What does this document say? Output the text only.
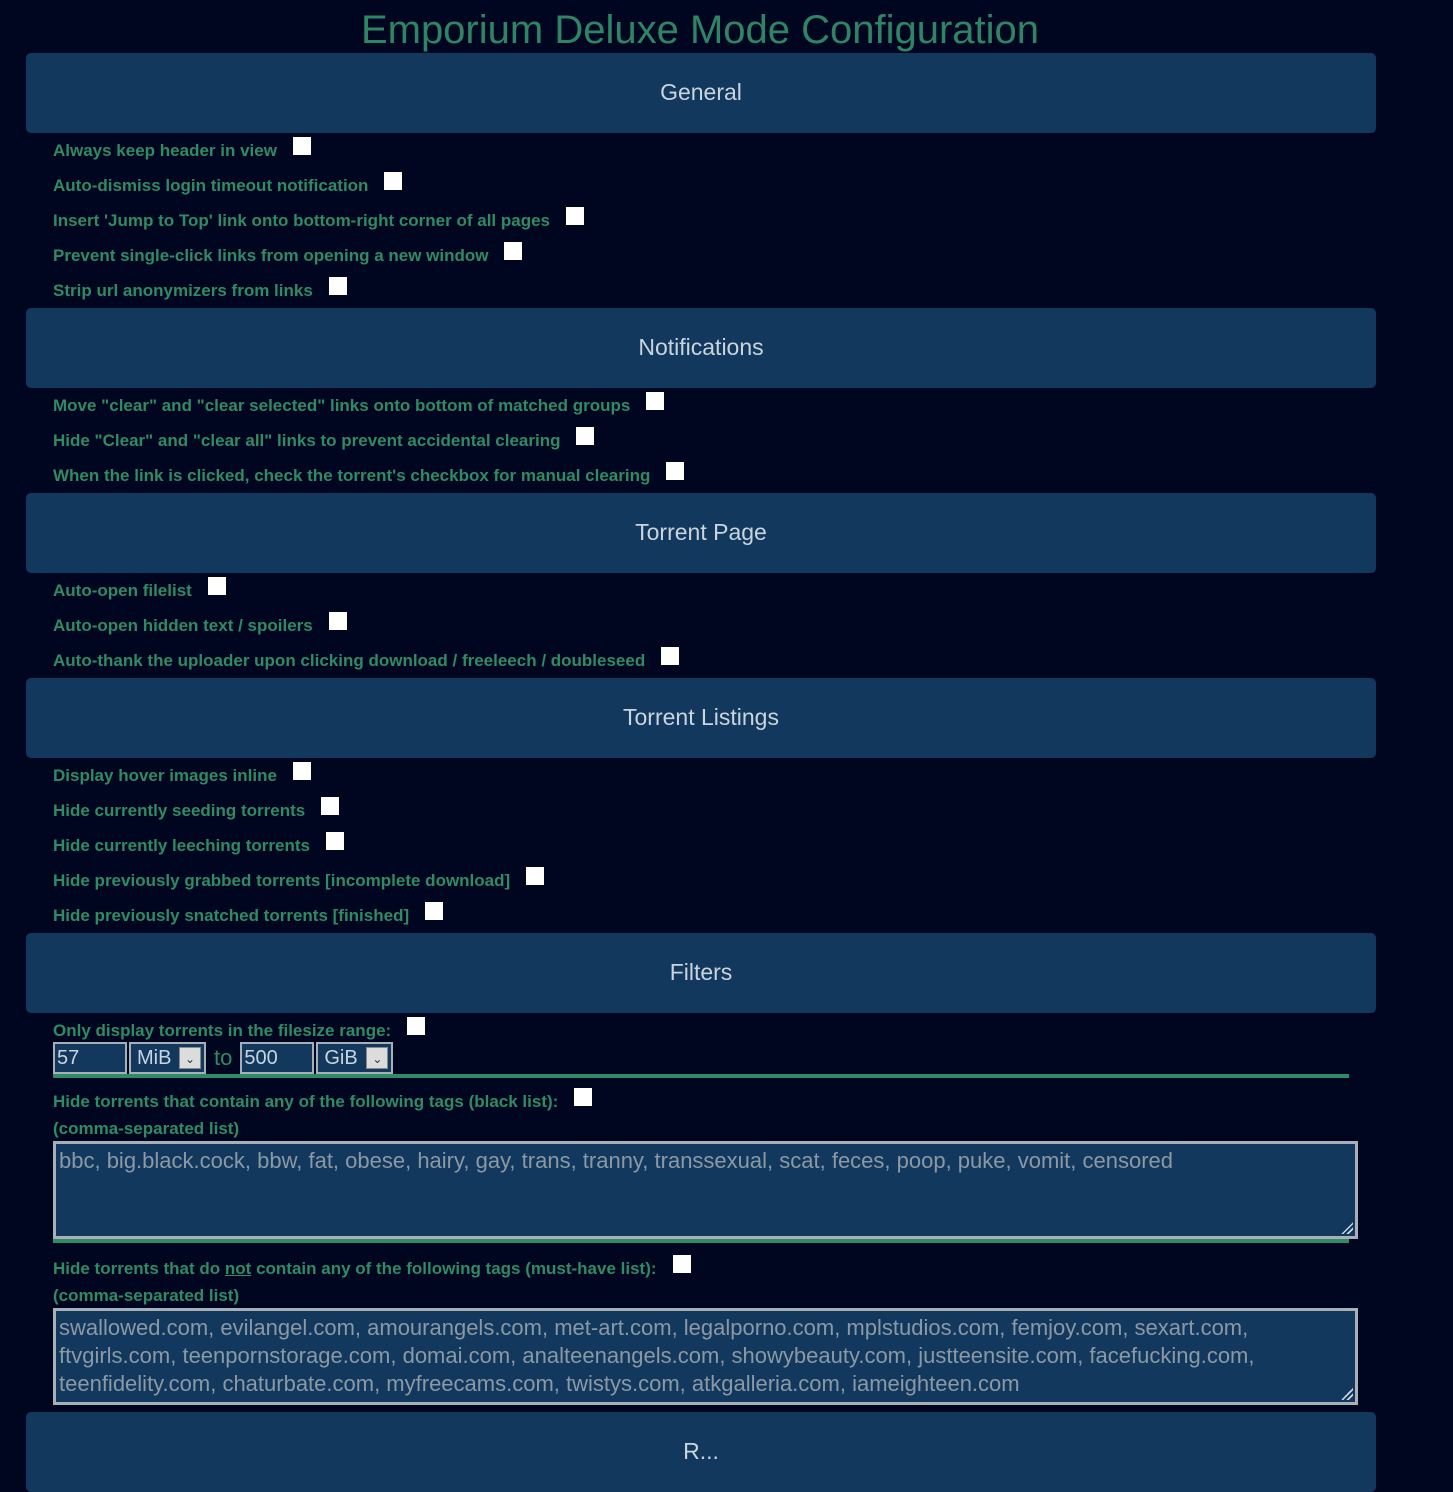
Emporium Deluxe Mode Configuration
General
Always keep header in view
Auto-dismiss login timeout notification
Insert 'Jump to Top' link onto bottom-right corner of all pages
Prevent single-click links from opening a new window
Strip url anonymizers from links
Notifications
Move "clear" and "clear selected" links onto bottom of matched groups
Hide "Clear" and "clear all" links to prevent accidental clearing
When the link is clicked, check the torrent's checkbox for manual clearing
Torrent Page
Auto-open filelist
Auto-open hidden text / spoilers
Auto-thank the uploader upon clicking download / freeleech / doubleseed
Torrent Listings
Display hover images inline
Hide currently seeding torrents
Hide currently leeching torrents
Hide previously grabbed torrents [incomplete download]
Hide previously snatched torrents [finished]
Filters
Only display torrents in the filesize range:
57
MiB	⌄ to
500	GiB	⌄
Hide torrents that contain any of the following tags (black list):
(comma-separated list)
bbc, big.black.cock, bbw, fat, obese, hairy, gay, trans, tranny, transsexual, scat, feces, poop, puke, vomit, censored
Hide torrents that do not contain any of the following tags (must-have list):
(comma-separated list)
swallowed.com, evilangel.com, amourangels.com, met-art.com, legalporno.com, mplstudios.com, femjoy.com, sexart.com, ftvgirls.com, teenpornstorage.com, domai.com, analteenangels.com, showybeauty.com, justteensite.com, facefucking.com, teenfidelity.com, chaturbate.com, myfreecams.com, twistys.com, atkgalleria.com, iameighteen.com
R...
